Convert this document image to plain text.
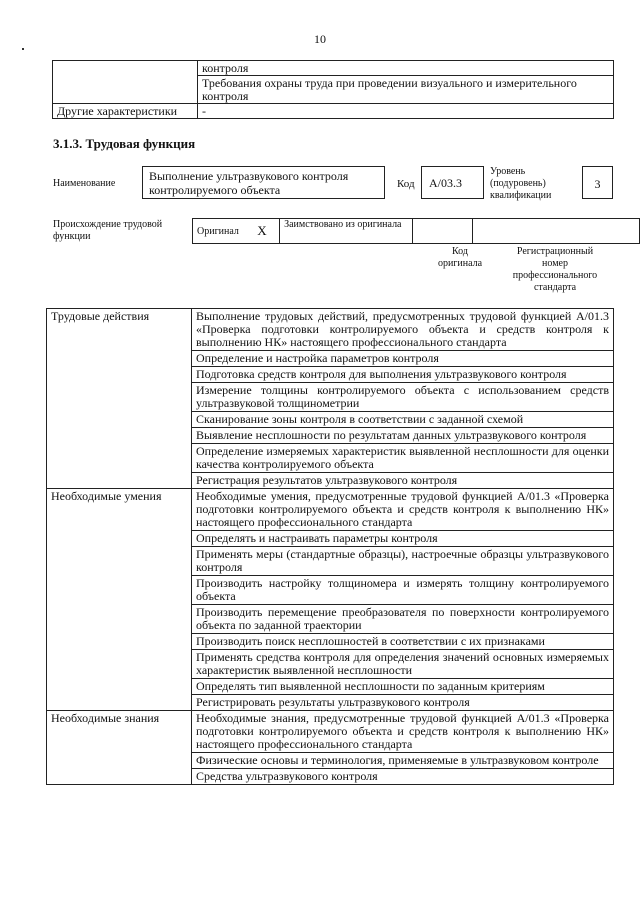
10
	контроля
	Требования охраны труда при проведении визуального и измерительного контроля
Другие характеристики	-
3.1.3. Трудовая функция
Наименование
Выполнение ультразвукового контроля контролируемого объекта	Код	A/03.3
Уровень (подуровень) квалификации
3
Происхождение трудовой функции	Оригинал	X	Заимствовано из оригинала		
Код оригинала
Регистрационный номер профессионального стандарта
Трудовые действия	Выполнение трудовых действий, предусмотренных трудовой функцией A/01.3 «Проверка подготовки контролируемого объекта и средств контроля к выполнению НК» настоящего профессионального стандарта
	Определение и настройка параметров контроля
	Подготовка средств контроля для выполнения ультразвукового контроля
	Измерение толщины контролируемого объекта с использованием средств ультразвуковой толщинометрии
	Сканирование зоны контроля в соответствии с заданной схемой
	Выявление несплошности по результатам данных ультразвукового контроля
	Определение измеряемых характеристик выявленной несплошности для оценки качества контролируемого объекта
	Регистрация результатов ультразвукового контроля
Необходимые умения	Необходимые умения, предусмотренные трудовой функцией A/01.3 «Проверка подготовки контролируемого объекта и средств контроля к выполнению НК» настоящего профессионального стандарта
	Определять и настраивать параметры контроля
	Применять меры (стандартные образцы), настроечные образцы ультразвукового контроля
	Производить настройку толщиномера и измерять толщину контролируемого объекта
	Производить перемещение преобразователя по поверхности контролируемого объекта по заданной траектории
	Производить поиск несплошностей в соответствии с их признаками
	Применять средства контроля для определения значений основных измеряемых характеристик выявленной несплошности
	Определять тип выявленной несплошности по заданным критериям
	Регистрировать результаты ультразвукового контроля
Необходимые знания	Необходимые знания, предусмотренные трудовой функцией A/01.3 «Проверка подготовки контролируемого объекта и средств контроля к выполнению НК» настоящего профессионального стандарта
	Физические основы и терминология, применяемые в ультразвуковом контроле
	Средства ультразвукового контроля
